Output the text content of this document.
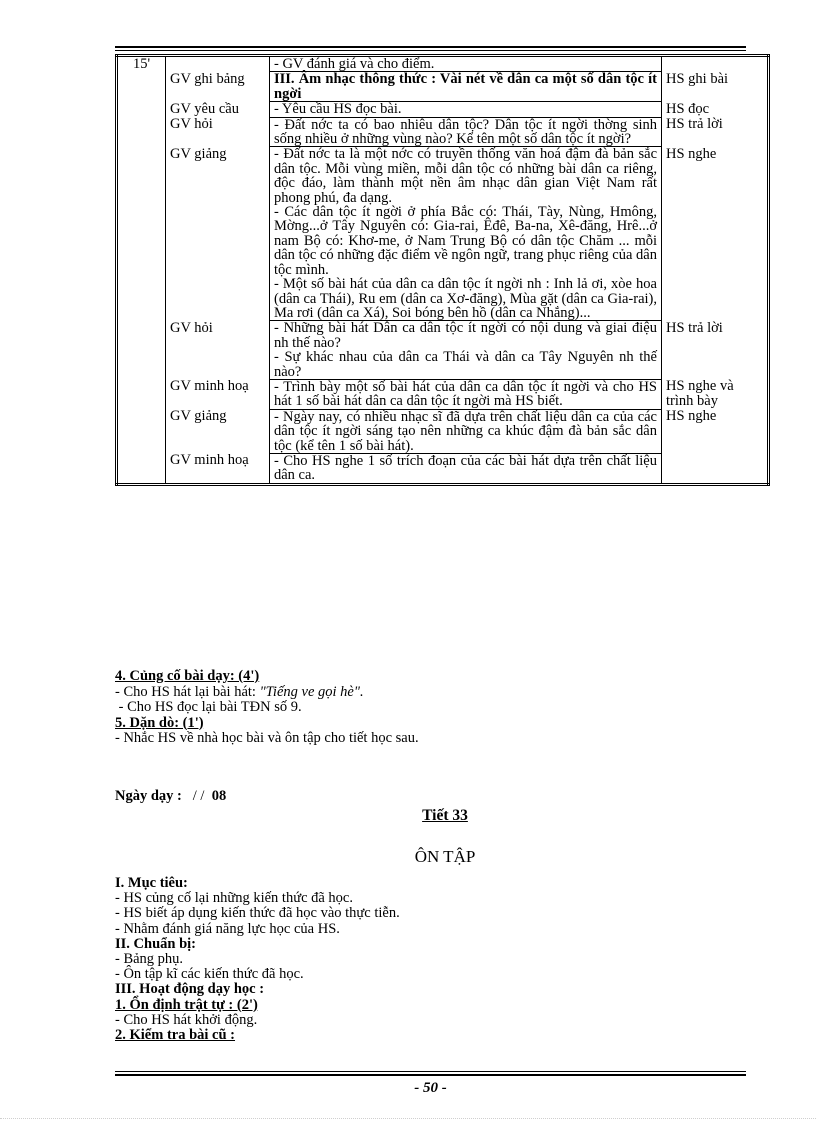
15'		- GV đánh giá và cho điểm.	

	GV ghi bảng	III. Âm nhạc thông thức : Vài nét về dân ca một số dân tộc ít ngời	HS ghi bài
	GV yêu cầu	- Yêu cầu HS đọc bài.	HS đọc
	GV hỏi	- Đất nớc ta có bao nhiêu dân tộc? Dân tộc ít ngời thờng sinh sống nhiều ở những vùng nào? Kể tên một số dân tộc ít ngời?	HS trả lời
	GV giảng	- Đất nớc ta là một nớc có truyền thống văn hoá đậm đà bản sắc dân tộc. Mỗi vùng miền, mỗi dân tộc có những bài dân ca riêng, độc đáo, làm thành một nền âm nhạc dân gian Việt Nam rất phong phú, đa dạng.
- Các dân tộc ít ngời ở phía Bắc có: Thái, Tày, Nùng, Hmông, Mờng...ở Tây Nguyên có: Gia-rai, Êđê, Ba-na, Xê-đăng, Hrê...ở nam Bộ có: Khơ-me, ở Nam Trung Bộ có dân tộc Chăm ... mỗi dân tộc có những đặc điểm về ngôn ngữ, trang phục riêng của dân tộc mình.
- Một số bài hát của dân ca dân tộc ít ngời nh : Inh lả ơi, xòe hoa (dân ca Thái), Ru em (dân ca Xơ-đăng), Mùa gặt (dân ca Gia-rai), Ma rơi (dân ca Xá), Soi bóng bên hồ (dân ca Nhắng)...	HS nghe
	GV hỏi	- Những bài hát Dân ca dân tộc ít ngời có nội dung và giai điệu nh thế nào?
- Sự khác nhau của dân ca Thái và dân ca Tây Nguyên nh thế nào?	HS trả lời
	GV minh hoạ	- Trình bày một số bài hát của dân ca dân tộc ít ngời và cho HS hát 1 số bài hát dân ca dân tộc ít ngời mà HS biết.	HS nghe và trình bày
	GV giảng	- Ngày nay, có nhiều nhạc sĩ đã dựa trên chất liệu dân ca của các dân tộc ít ngời sáng tạo nên những ca khúc đậm đà bản sắc dân tộc (kể tên 1 số bài hát).	HS nghe
	GV minh hoạ	- Cho HS nghe 1 số trích đoạn của các bài hát dựa trên chất liệu dân ca.	

4. Củng cố bài dạy: (4')
- Cho HS hát lại bài hát: "Tiếng ve gọi hè".
- Cho HS đọc lại bài TĐN số 9.
5. Dặn dò: (1')
- Nhắc HS về nhà học bài và ôn tập cho tiết học sau.
Ngày dạy : / / 08
Tiết 33
ÔN TẬP
I. Mục tiêu:
- HS củng cố lại những kiến thức đã học.
- HS biết áp dụng kiến thức đã học vào thực tiễn.
- Nhằm đánh giá năng lực học của HS.
II. Chuẩn bị:
- Bảng phụ.
- Ôn tập kĩ các kiến thức đã học.
III. Hoạt động dạy học :
1. Ổn định trật tự : (2')
- Cho HS hát khởi động.
2. Kiểm tra bài cũ :
- 50 -
